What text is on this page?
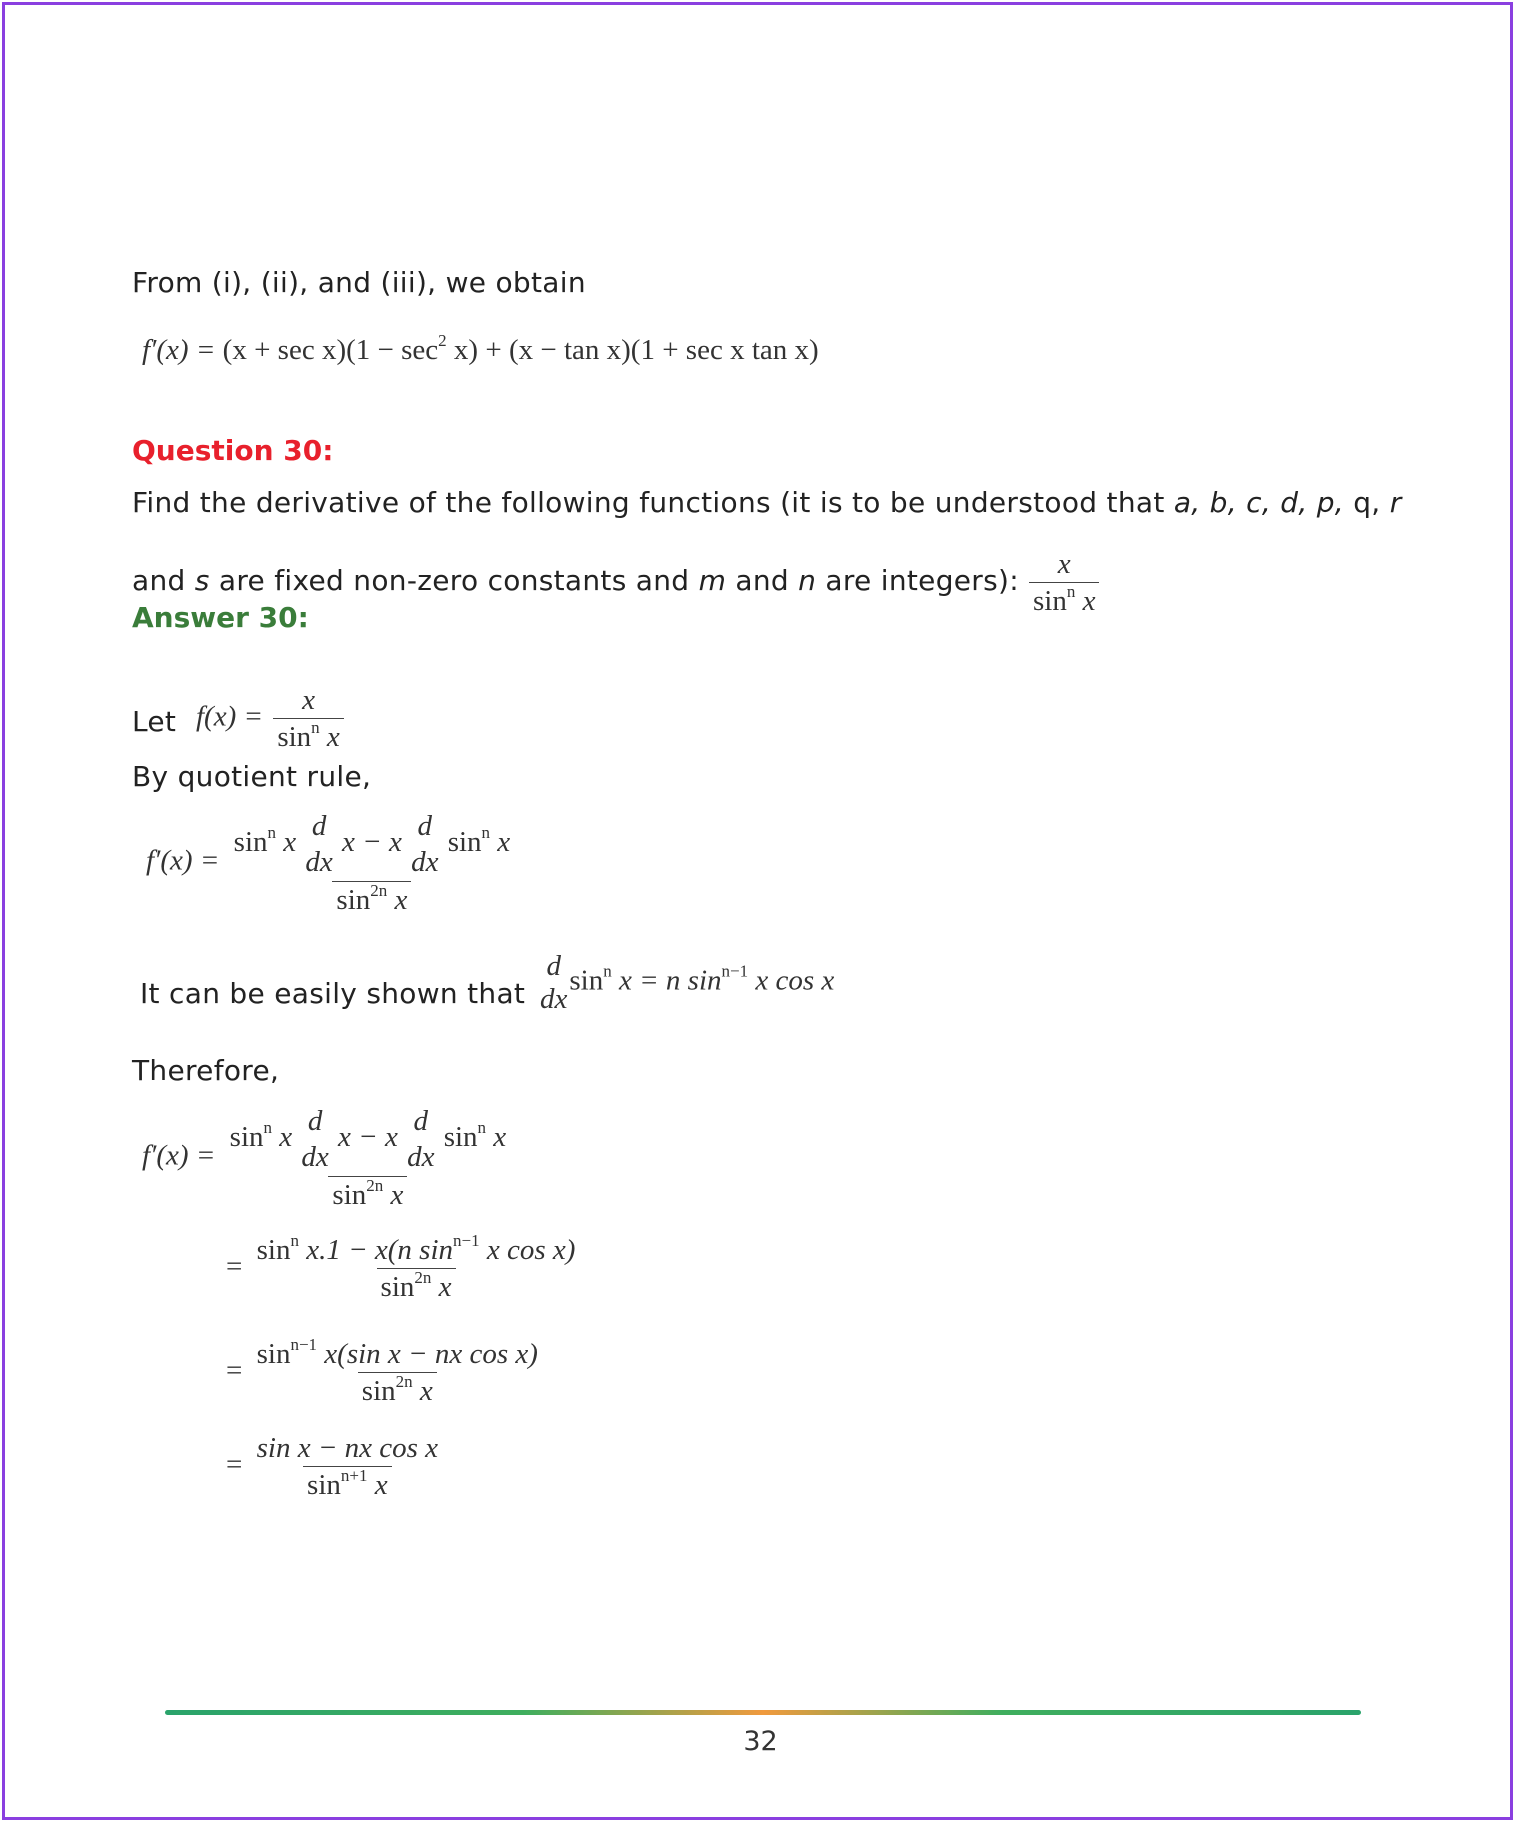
From (i), (ii), and (iii), we obtain
$f'(x) = (x + \sec x)(1 - \sec^2 x) + (x - \tan x)(1 + \sec x$ tan x)
Question 30:
Find the derivative of the following functions (it is to be understood that a, b, c, d, p, q, r
and s are fixed non-zero constants and m and n are integers): $\frac{x}{\sin^n x}$
Answer 30:
Let $f(x) = \frac{x}{\sin^n x}$
By quotient rule,
$f'(x) = \sin^n x$ d
dx
x − x d
dx
$\sin^n x$
$\sin^{2n} x$
It can be easily shown that
d
dx
$\sin^n x = n$ $\sin^{n-1} x$ cos x
Therefore,
$f'(x) = \sin^n x$ d
dx
x − x d
dx
$\sin^n x$
$\sin^{2n} x$
= $\frac{\sin^n x.1 - x(n \sin^{n-1} x \cos x)}{\sin^{2n} x}$
= $\frac{\sin^{n-1} x(\sin x - nx \cos x)}{\sin^{2n} x}$
= $\frac{\text{sin x − nx cos x}}{\sin^{n+1} x}$
32
